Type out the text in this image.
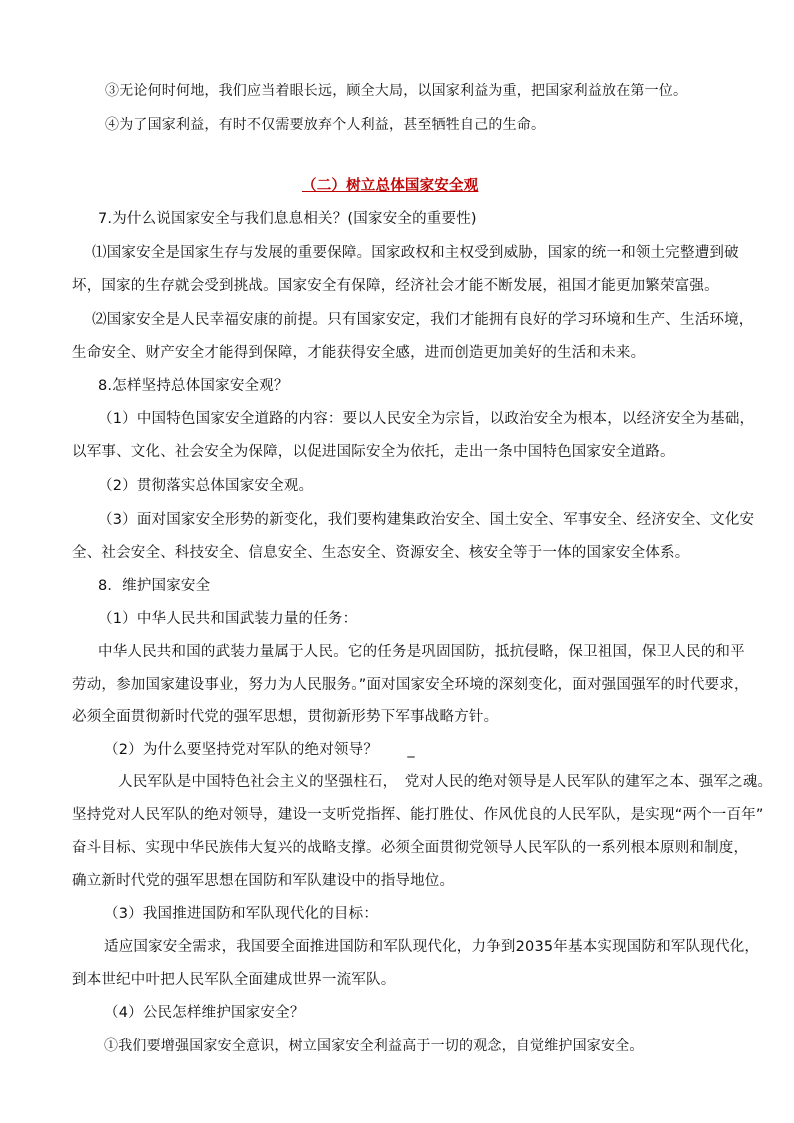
③无论何时何地，我们应当着眼长远，顾全大局，以国家利益为重，把国家利益放在第一位。
④为了国家利益，有时不仅需要放弃个人利益，甚至牺牲自己的生命。
（二）树立总体国家安全观
7.为什么说国家安全与我们息息相关？(国家安全的重要性)
⑴国家安全是国家生存与发展的重要保障。国家政权和主权受到威胁，国家的统一和领土完整遭到破
坏，国家的生存就会受到挑战。国家安全有保障，经济社会才能不断发展，祖国才能更加繁荣富强。
⑵国家安全是人民幸福安康的前提。只有国家安定，我们才能拥有良好的学习环境和生产、生活环境，
生命安全、财产安全才能得到保障，才能获得安全感，进而创造更加美好的生活和未来。
8.怎样坚持总体国家安全观？
（1）中国特色国家安全道路的内容：要以人民安全为宗旨，以政治安全为根本，以经济安全为基础，
以军事、文化、社会安全为保障，以促进国际安全为依托，走出一条中国特色国家安全道路。
（2）贯彻落实总体国家安全观。
（3）面对国家安全形势的新变化，我们要构建集政治安全、国土安全、军事安全、经济安全、文化安
全、社会安全、科技安全、信息安全、生态安全、资源安全、核安全等于一体的国家安全体系。
8．维护国家安全
（1）中华人民共和国武装力量的任务：
中华人民共和国的武装力量属于人民。它的任务是巩固国防，抵抗侵略，保卫祖国，保卫人民的和平
劳动，参加国家建设事业，努力为人民服务。”面对国家安全环境的深刻变化，面对强国强军的时代要求，
必须全面贯彻新时代党的强军思想，贯彻新形势下军事战略方针。
（2）为什么要坚持党对军队的绝对领导？　　_
人民军队是中国特色社会主义的坚强柱石，　党对人民的绝对领导是人民军队的建军之本、强军之魂。
坚持党对人民军队的绝对领导，建设一支听党指挥、能打胜仗、作风优良的人民军队，是实现“两个一百年”
奋斗目标、实现中华民族伟大复兴的战略支撑。必须全面贯彻党领导人民军队的一系列根本原则和制度，
确立新时代党的强军思想在国防和军队建设中的指导地位。
（3）我国推进国防和军队现代化的目标：
适应国家安全需求，我国要全面推进国防和军队现代化，力争到2035年基本实现国防和军队现代化，
到本世纪中叶把人民军队全面建成世界一流军队。
（4）公民怎样维护国家安全？
①我们要增强国家安全意识，树立国家安全利益高于一切的观念，自觉维护国家安全。
